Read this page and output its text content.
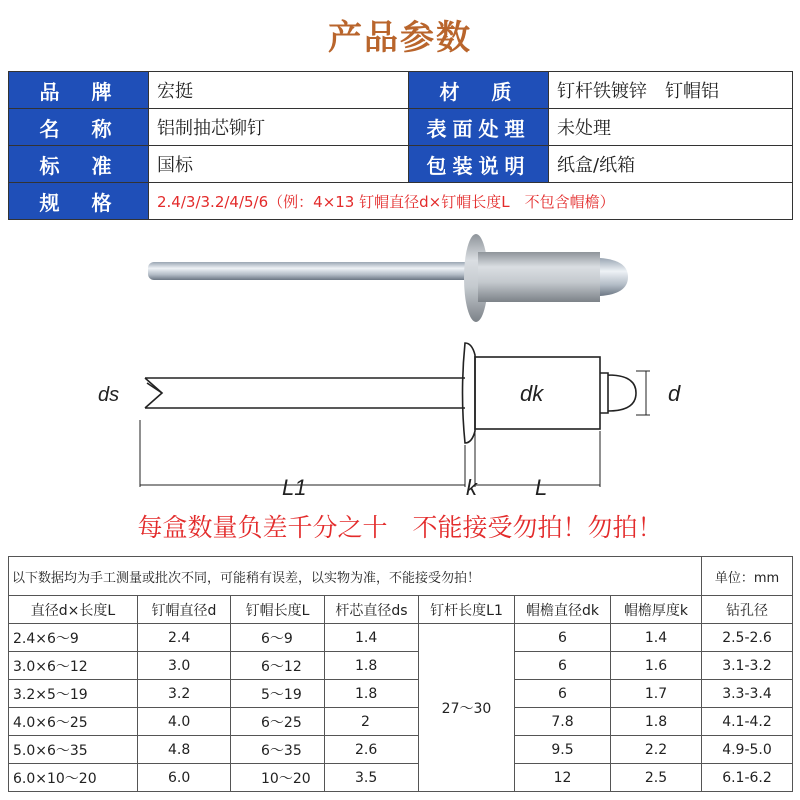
产品参数
品　牌	宏挺	材　质	钉杆铁镀锌　钉帽铝
名　称	铝制抽芯铆钉	表面处理	未处理
标　准	国标	包装说明	纸盒/纸箱
规　格	2.4/3/3.2/4/5/6（例：4×13 钉帽直径d×钉帽长度L　不包含帽檐）		
ds	dk	d
L1	k	L
每盒数量负差千分之十　不能接受勿拍！勿拍！
以下数据均为手工测量或批次不同，可能稍有误差，以实物为准，不能接受勿拍！							单位：mm
直径d×长度L	钉帽直径d	钉帽长度L	杆芯直径ds	钉杆长度L1	帽檐直径dk	帽檐厚度k	钻孔径
2.4×6～9	2.4	6～9	1.4	27～30	6	1.4	2.5-2.6
3.0×6～12	3.0	6～12	1.8		6	1.6	3.1-3.2
3.2×5～19	3.2	5～19	1.8		6	1.7	3.3-3.4
4.0×6～25	4.0	6～25	2		7.8	1.8	4.1-4.2
5.0×6～35	4.8	6～35	2.6		9.5	2.2	4.9-5.0
6.0×10～20	6.0	10～20	3.5		12	2.5	6.1-6.2
